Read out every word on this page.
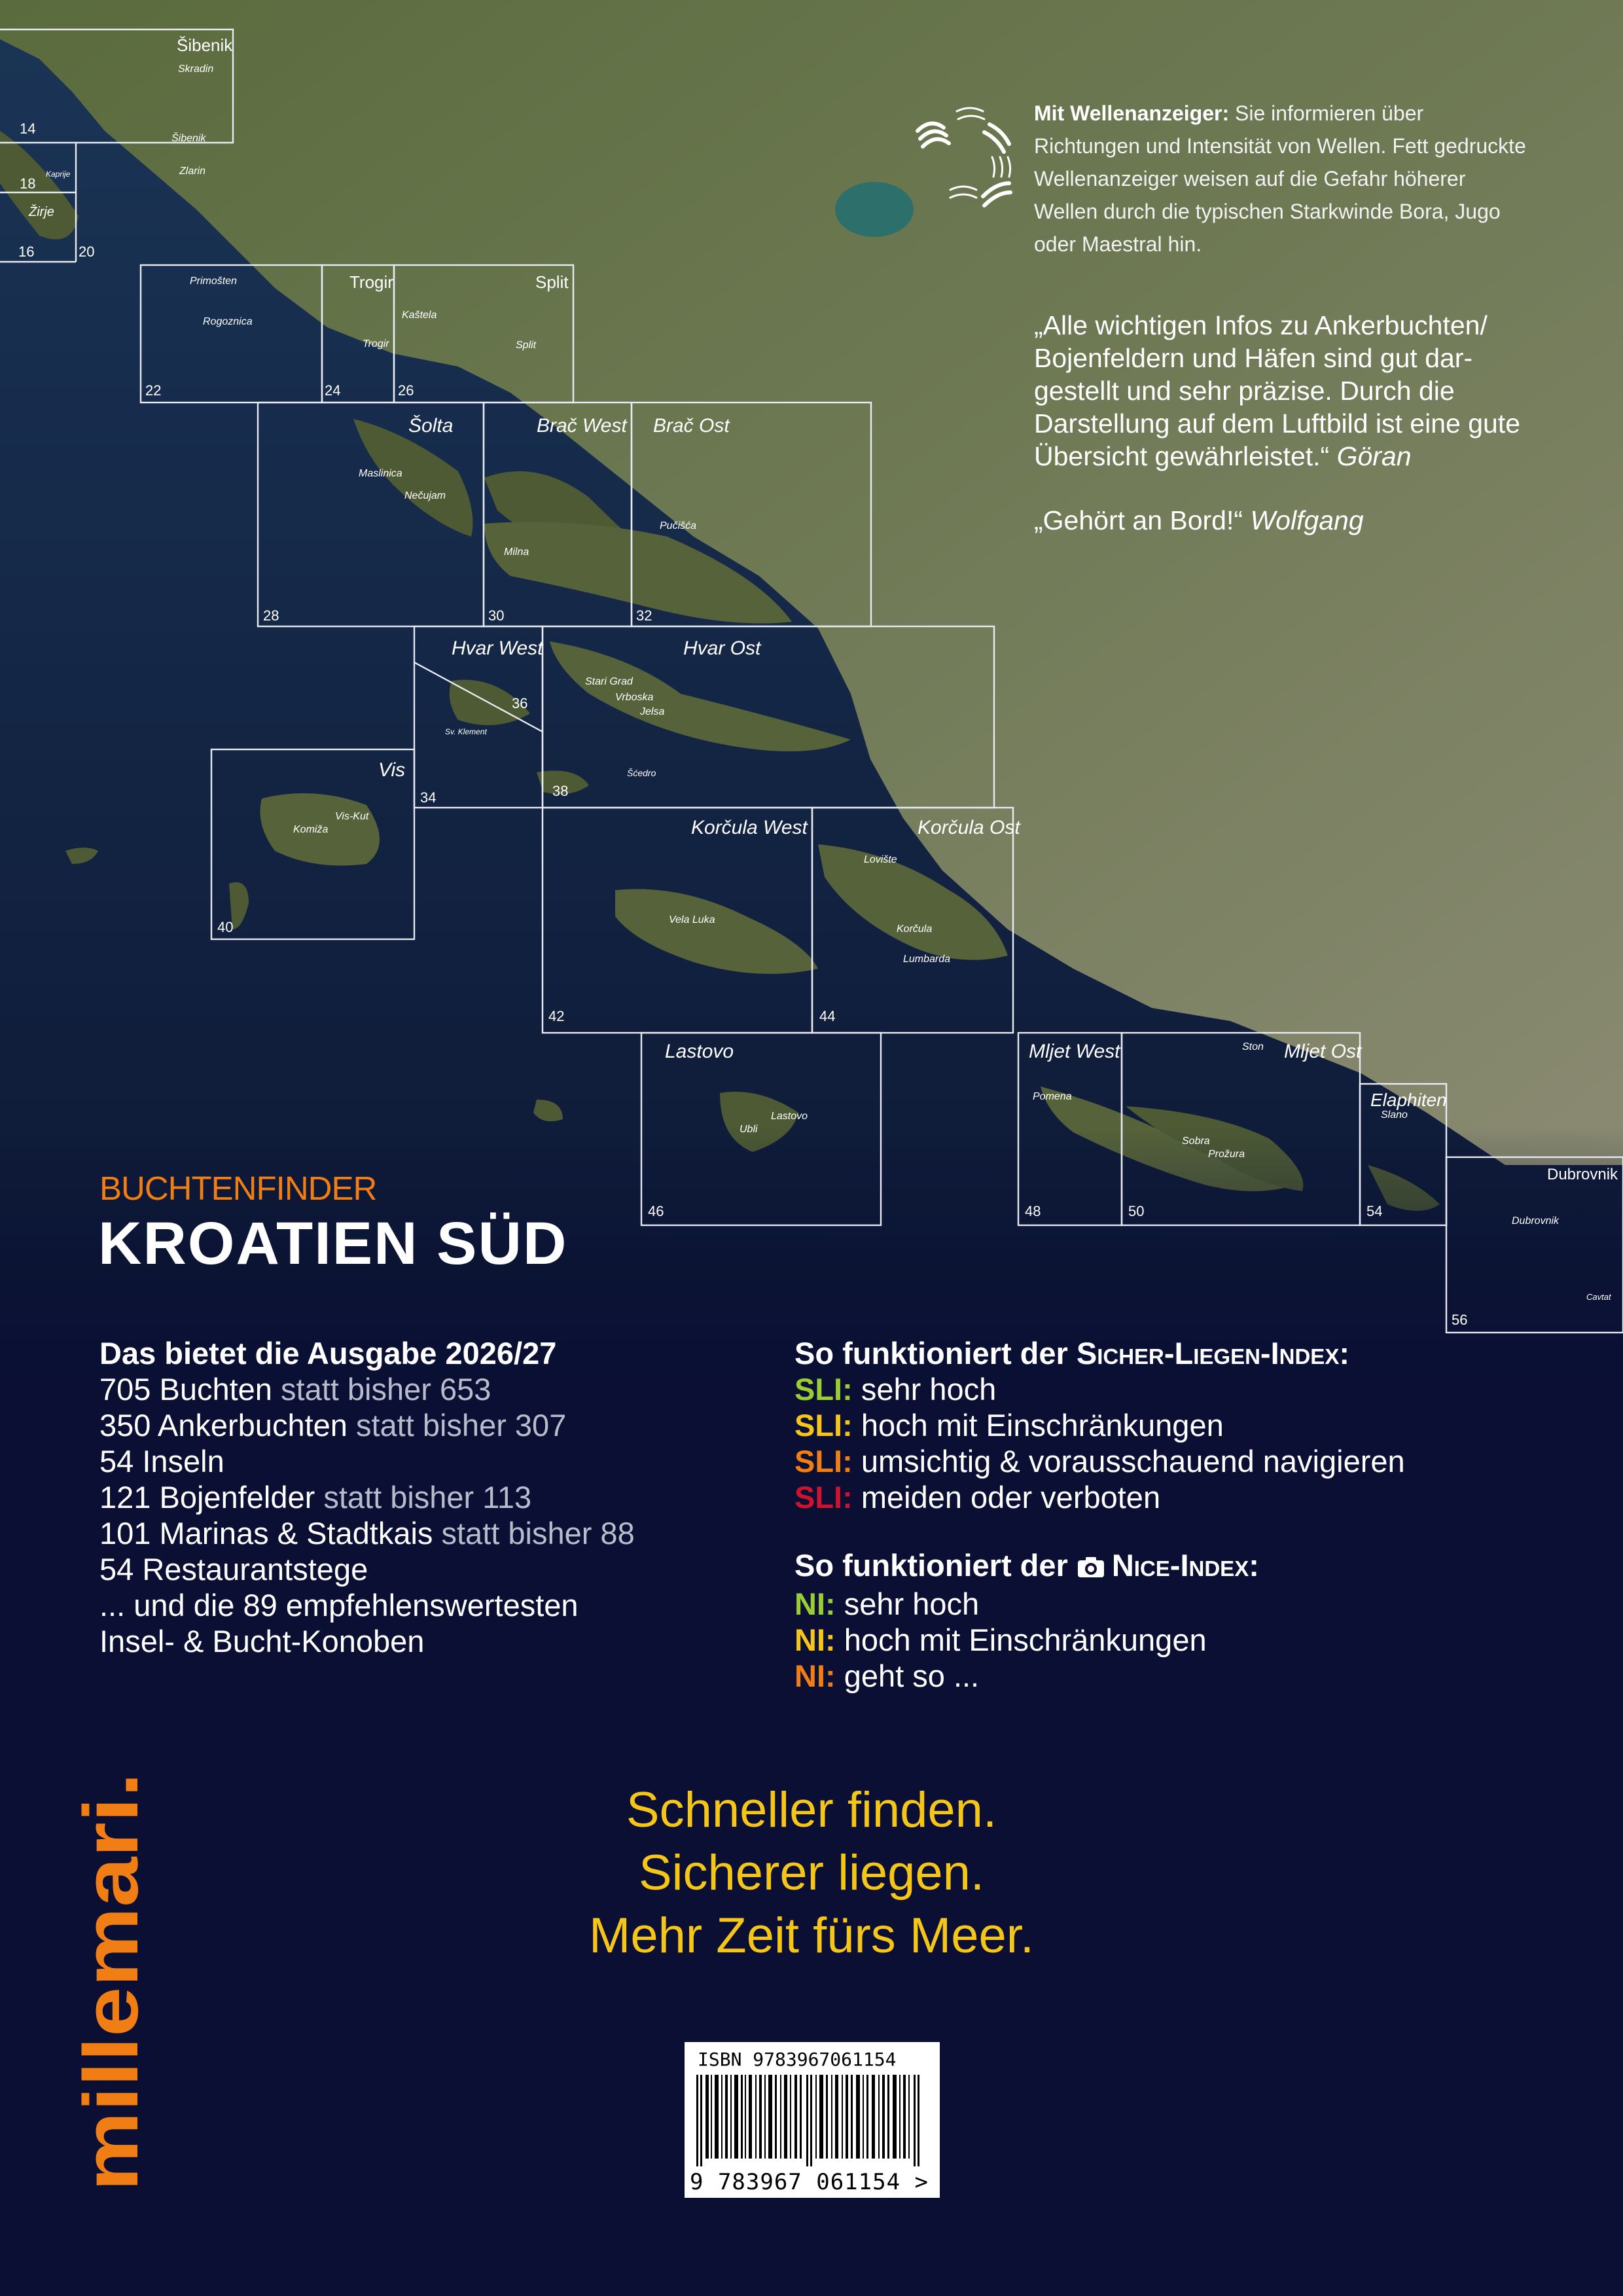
Šibenik
Trogir	Split
Šolta	Brač West Brač Ost
Hvar West	Hvar Ost
Vis
Korčula West	Korčula Ost
Lastovo	Mljet West	Mljet Ost
Elaphiten
Dubrovnik
Skradin
Šibenik
Zlarin
Žirje
Kaprije
Primošten
Rogoznica
Kaštela
Trogir	Split
Maslinica
Nečujam
Milna
Pučišća
Stari Grad
Vrboska
Jelsa
Sv. Klement
Šćedro
Komiža
Vis-Kut
Lovište
Vela Luka
Korčula
Lumbarda
Ubli
Lastovo
Pomena
Ston
Sobra
Prožura
Slano
Dubrovnik
Cavtat
14
18
16	20
22	24	26
28	30	32
36
34	38
40
42	44
46	48	50	54
56
Mit Wellenanzeiger: Sie informieren über Richtungen und Intensität von Wellen. Fett gedruckte Wellenanzeiger weisen auf die Gefahr höherer Wellen durch die typischen Starkwinde Bora, Jugo oder Maestral hin.
„Alle wichtigen Infos zu Ankerbuchten/ Bojenfeldern und Häfen sind gut dargestellt und sehr präzise. Durch die Darstellung auf dem Luftbild ist eine gute Übersicht gewährleistet.“ Göran
„Gehört an Bord!“ Wolfgang
BUCHTENFINDER
KROATIEN SÜD
Das bietet die Ausgabe 2026/27
705 Buchten statt bisher 653
350 Ankerbuchten statt bisher 307
54 Inseln
121 Bojenfelder statt bisher 113
101 Marinas & Stadtkais statt bisher 88
54 Restaurantstege
... und die 89 empfehlenswertesten
Insel- & Bucht-Konoben
So funktioniert der Sicher-Liegen-Index:
SLI: sehr hoch
SLI: hoch mit Einschränkungen
SLI: umsichtig & vorausschauend navigieren
SLI: meiden oder verboten
So funktioniert der Nice-Index:
NI: sehr hoch
NI: hoch mit Einschränkungen
NI: geht so ...
Schneller finden.
Sicherer liegen.
Mehr Zeit fürs Meer.
millemari.	ISBN 9783967061154
9 783967 061154 >
